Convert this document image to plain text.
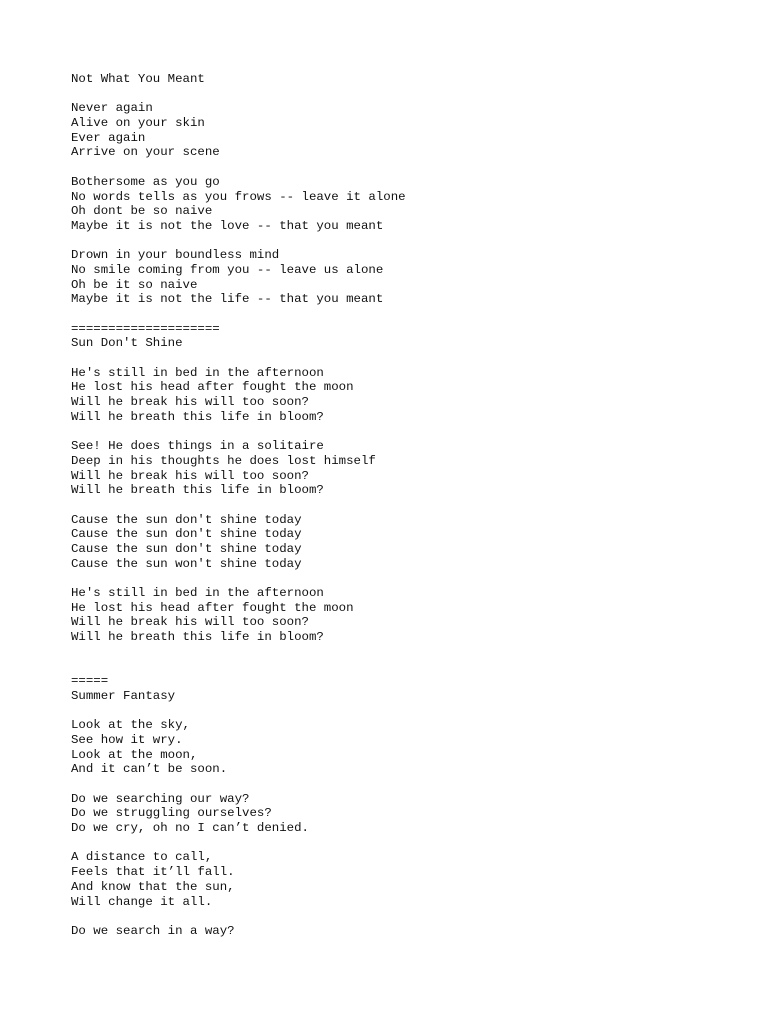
Not What You Meant
Never again
Alive on your skin
Ever again
Arrive on your scene
Bothersome as you go
No words tells as you frows -- leave it alone
Oh dont be so naive
Maybe it is not the love -- that you meant
Drown in your boundless mind
No smile coming from you -- leave us alone
Oh be it so naive
Maybe it is not the life -- that you meant
====================
Sun Don't Shine
He's still in bed in the afternoon
He lost his head after fought the moon
Will he break his will too soon?
Will he breath this life in bloom?
See! He does things in a solitaire
Deep in his thoughts he does lost himself
Will he break his will too soon?
Will he breath this life in bloom?
Cause the sun don't shine today
Cause the sun don't shine today
Cause the sun don't shine today
Cause the sun won't shine today
He's still in bed in the afternoon
He lost his head after fought the moon
Will he break his will too soon?
Will he breath this life in bloom?
=====
Summer Fantasy
Look at the sky,
See how it wry.
Look at the moon,
And it can’t be soon.
Do we searching our way?
Do we struggling ourselves?
Do we cry, oh no I can’t denied.
A distance to call,
Feels that it’ll fall.
And know that the sun,
Will change it all.
Do we search in a way?
